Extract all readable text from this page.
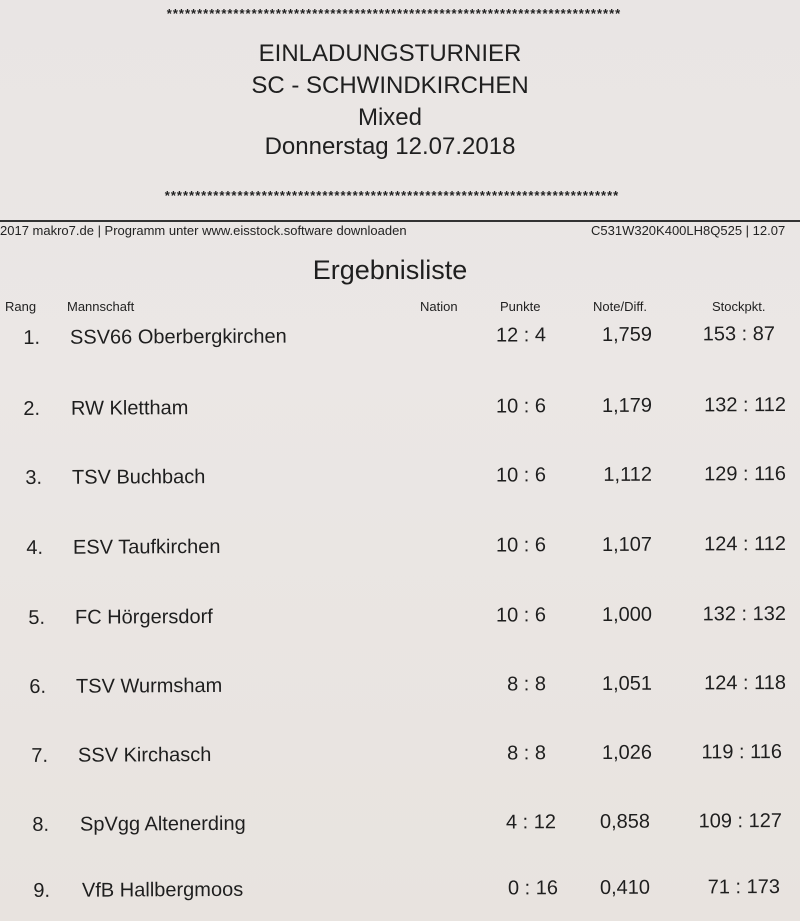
***************************************************************************
EINLADUNGSTURNIER
SC - SCHWINDKIRCHEN
Mixed
Donnerstag 12.07.2018
***************************************************************************
2017 makro7.de | Programm unter www.eisstock.software downloaden	C531W320K400LH8Q525 | 12.07
Ergebnisliste
Rang Mannschaft	Nation	Punkte	Note/Diff.	Stockpkt.
1. SSV66 Oberbergkirchen	12 : 4	1,759	153 : 87
2. RW Klettham	10 : 6	1,179	132 : 112
3. TSV Buchbach	10 : 6	1,112	129 : 116
4. ESV Taufkirchen	10 : 6	1,107	124 : 112
5. FC Hörgersdorf	10 : 6	1,000	132 : 132
6. TSV Wurmsham	8 : 8	1,051	124 : 118
7. SSV Kirchasch	8 : 8	1,026	119 : 116
8. SpVgg Altenerding	4 : 12	0,858	109 : 127
9. VfB Hallbergmoos	0 : 16	0,410	71 : 173
